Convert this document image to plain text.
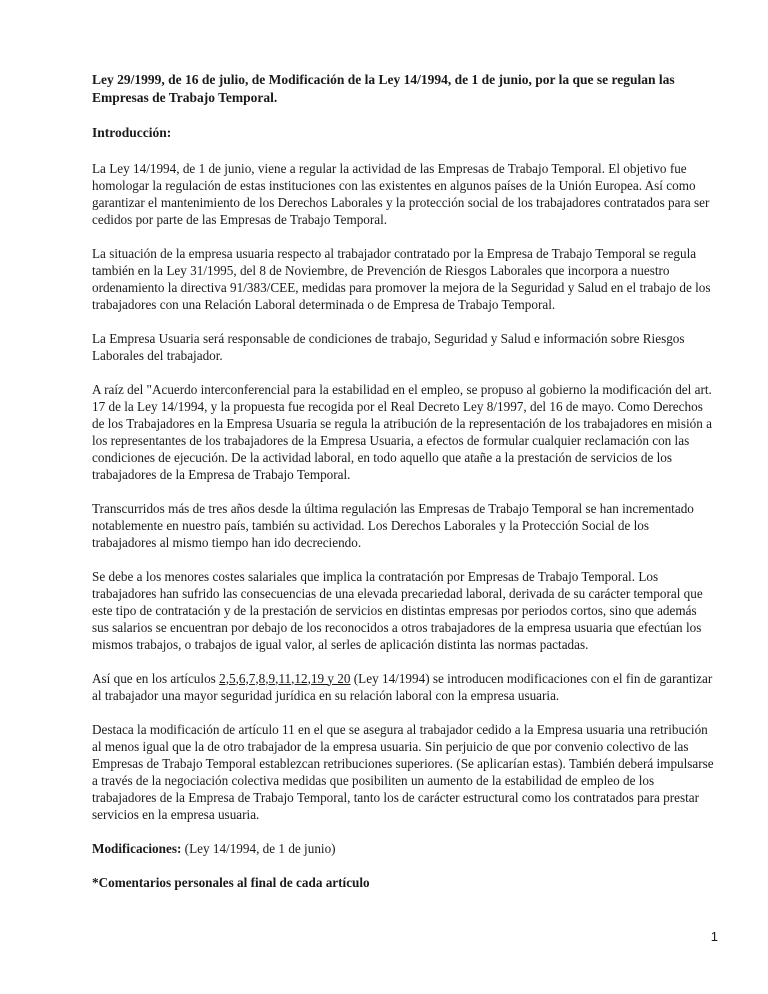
Ley 29/1999, de 16 de julio, de Modificación de la Ley 14/1994, de 1 de junio, por la que se regulan las Empresas de Trabajo Temporal.
Introducción:

La Ley 14/1994, de 1 de junio, viene a regular la actividad de las Empresas de Trabajo Temporal. El objetivo fue homologar la regulación de estas instituciones con las existentes en algunos países de la Unión Europea. Así como garantizar el mantenimiento de los Derechos Laborales y la protección social de los trabajadores contratados para ser cedidos por parte de las Empresas de Trabajo Temporal.

La situación de la empresa usuaria respecto al trabajador contratado por la Empresa de Trabajo Temporal se regula también en la Ley 31/1995, del 8 de Noviembre, de Prevención de Riesgos Laborales que incorpora a nuestro ordenamiento la directiva 91/383/CEE, medidas para promover la mejora de la Seguridad y Salud en el trabajo de los trabajadores con una Relación Laboral determinada o de Empresa de Trabajo Temporal.

La Empresa Usuaria será responsable de condiciones de trabajo, Seguridad y Salud e información sobre Riesgos Laborales del trabajador.

A raíz del "Acuerdo interconferencial para la estabilidad en el empleo, se propuso al gobierno la modificación del art. 17 de la Ley 14/1994, y la propuesta fue recogida por el Real Decreto Ley 8/1997, del 16 de mayo. Como Derechos de los Trabajadores en la Empresa Usuaria se regula la atribución de la representación de los trabajadores en misión a los representantes de los trabajadores de la Empresa Usuaria, a efectos de formular cualquier reclamación con las condiciones de ejecución. De la actividad laboral, en todo aquello que atañe a la prestación de servicios de los trabajadores de la Empresa de Trabajo Temporal.

Transcurridos más de tres años desde la última regulación las Empresas de Trabajo Temporal se han incrementado notablemente en nuestro país, también su actividad. Los Derechos Laborales y la Protección Social de los trabajadores al mismo tiempo han ido decreciendo.

Se debe a los menores costes salariales que implica la contratación por Empresas de Trabajo Temporal. Los trabajadores han sufrido las consecuencias de una elevada precariedad laboral, derivada de su carácter temporal que este tipo de contratación y de la prestación de servicios en distintas empresas por periodos cortos, sino que además sus salarios se encuentran por debajo de los reconocidos a otros trabajadores de la empresa usuaria que efectúan los mismos trabajos, o trabajos de igual valor, al serles de aplicación distinta las normas pactadas.

Así que en los artículos 2,5,6,7,8,9,11,12,19 y 20 (Ley 14/1994) se introducen modificaciones con el fin de garantizar al trabajador una mayor seguridad jurídica en su relación laboral con la empresa usuaria.

Destaca la modificación de artículo 11 en el que se asegura al trabajador cedido a la Empresa usuaria una retribución al menos igual que la de otro trabajador de la empresa usuaria. Sin perjuicio de que por convenio colectivo de las Empresas de Trabajo Temporal establezcan retribuciones superiores. (Se aplicarían estas). También deberá impulsarse a través de la negociación colectiva medidas que posibiliten un aumento de la estabilidad de empleo de los trabajadores de la Empresa de Trabajo Temporal, tanto los de carácter estructural como los contratados para prestar servicios en la empresa usuaria.

Modificaciones: (Ley 14/1994, de 1 de junio)

*Comentarios personales al final de cada artículo

1
